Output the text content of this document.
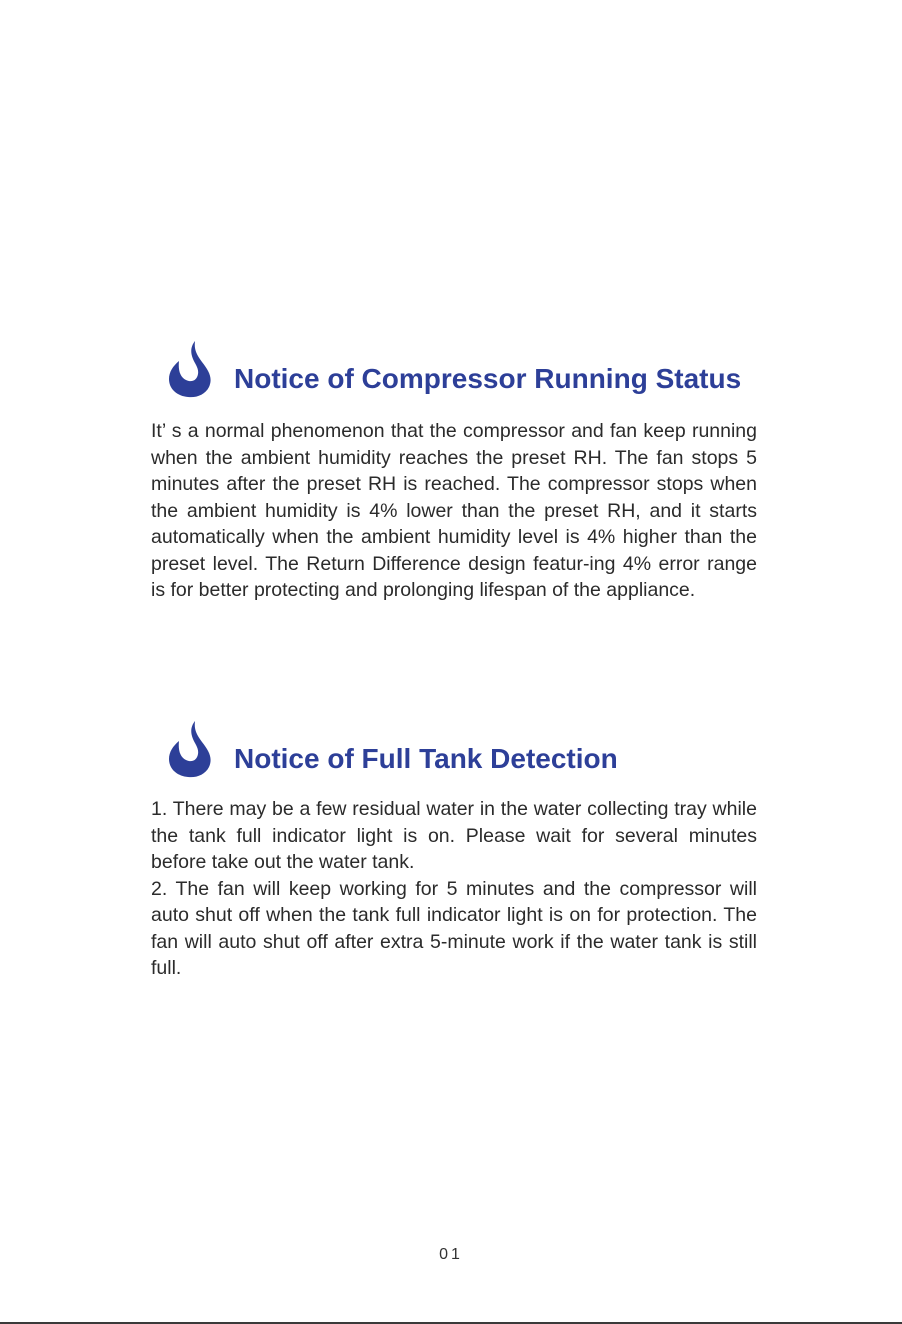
Notice of Compressor Running Status

It’ s a normal phenomenon that the compressor and fan keep running when the ambient humidity reaches the preset RH. The fan stops 5 minutes after the preset RH is reached. The compressor stops when the ambient humidity is 4% lower than the preset RH, and it starts automatically when the ambient humidity level is 4% higher than the preset level. The Return Difference design featur-ing 4% error range is for better protecting and prolonging lifespan of the appliance.

Notice of Full Tank Detection

1. There may be a few residual water in the water collecting tray while the tank full indicator light is on. Please wait for several minutes before take out the water tank.

2. The fan will keep working for 5 minutes and the compressor will auto shut off when the tank full indicator light is on for protection. The fan will auto shut off after extra 5-minute work if the water tank is still full.

01
